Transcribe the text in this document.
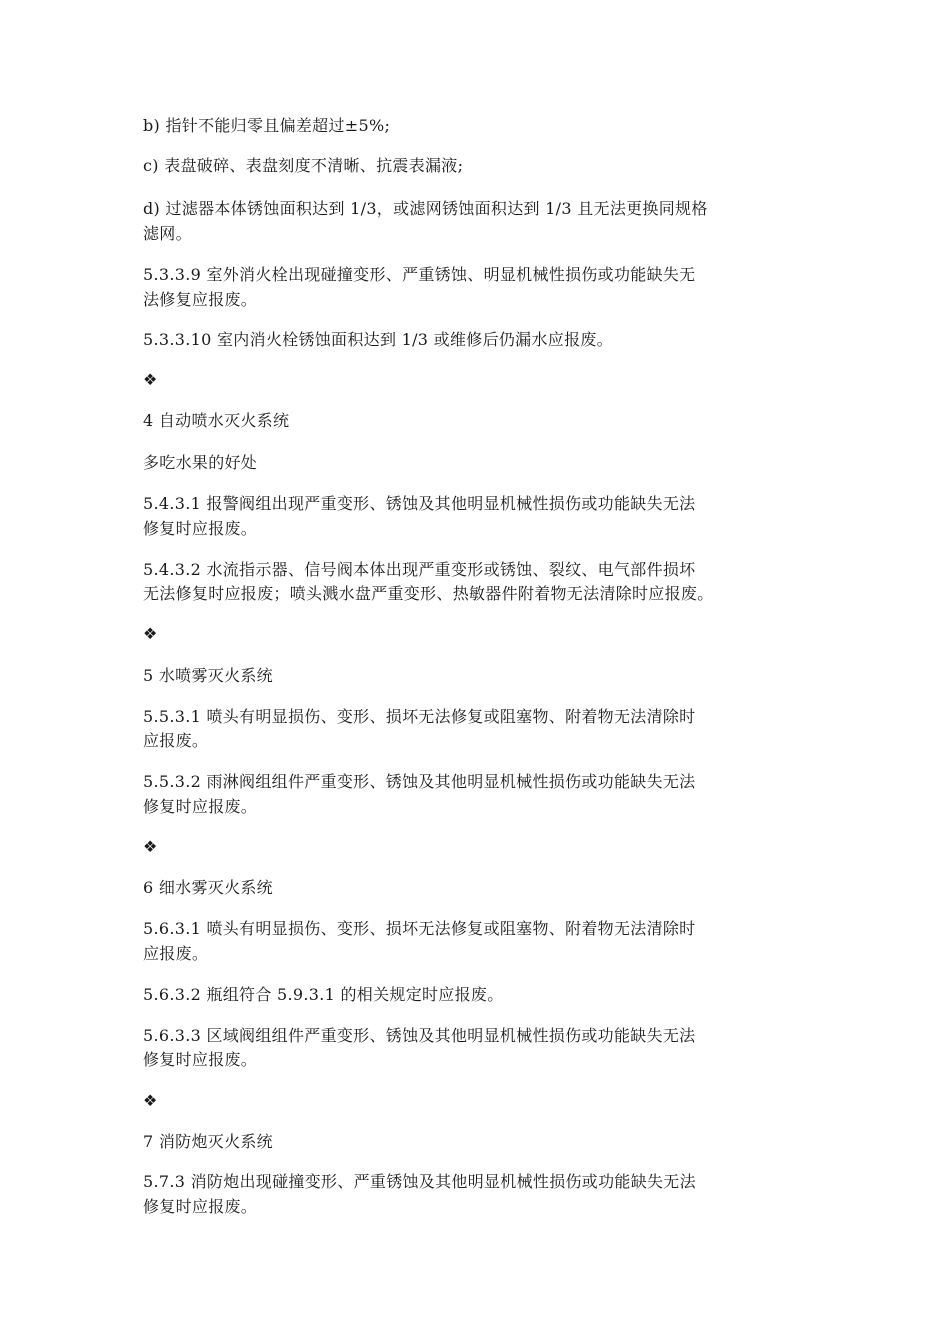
b) 指针不能归零且偏差超过±5%;
c) 表盘破碎、表盘刻度不清晰、抗震表漏液;
d) 过滤器本体锈蚀面积达到 1/3，或滤网锈蚀面积达到 1/3 且无法更换同规格
滤网。
5.3.3.9 室外消火栓出现碰撞变形、严重锈蚀、明显机械性损伤或功能缺失无
法修复应报废。
5.3.3.10 室内消火栓锈蚀面积达到 1/3 或维修后仍漏水应报废。
❖
4 自动喷水灭火系统
多吃水果的好处
5.4.3.1 报警阀组出现严重变形、锈蚀及其他明显机械性损伤或功能缺失无法
修复时应报废。
5.4.3.2 水流指示器、信号阀本体出现严重变形或锈蚀、裂纹、电气部件损坏
无法修复时应报废；喷头溅水盘严重变形、热敏器件附着物无法清除时应报废。
❖
5 水喷雾灭火系统
5.5.3.1 喷头有明显损伤、变形、损坏无法修复或阻塞物、附着物无法清除时
应报废。
5.5.3.2 雨淋阀组组件严重变形、锈蚀及其他明显机械性损伤或功能缺失无法
修复时应报废。
❖
6 细水雾灭火系统
5.6.3.1 喷头有明显损伤、变形、损坏无法修复或阻塞物、附着物无法清除时
应报废。
5.6.3.2 瓶组符合 5.9.3.1 的相关规定时应报废。
5.6.3.3 区域阀组组件严重变形、锈蚀及其他明显机械性损伤或功能缺失无法
修复时应报废。
❖
7 消防炮灭火系统
5.7.3 消防炮出现碰撞变形、严重锈蚀及其他明显机械性损伤或功能缺失无法
修复时应报废。
